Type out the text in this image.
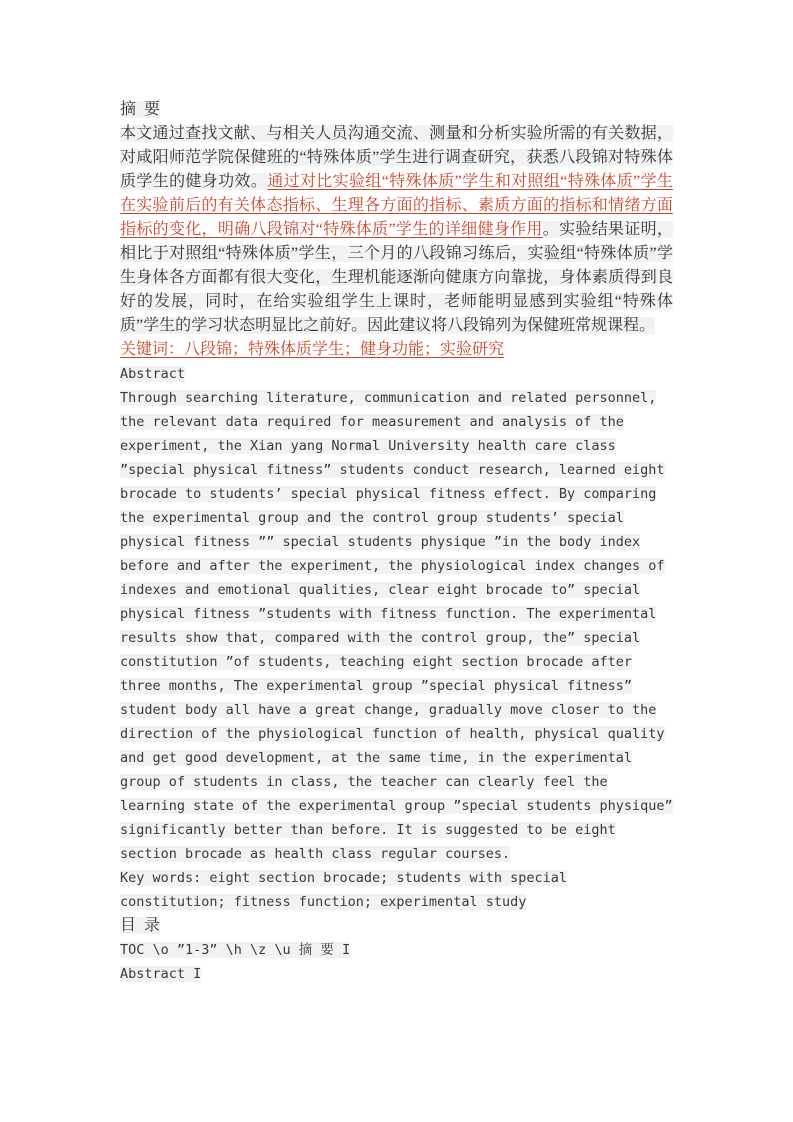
摘  要

本文通过查找文献、与相关人员沟通交流、测量和分析实验所需的有关数据，对咸阳师范学院保健班的“特殊体质”学生进行调查研究，获悉八段锦对特殊体质学生的健身功效。通过对比实验组“特殊体质”学生和对照组“特殊体质”学生在实验前后的有关体态指标、生理各方面的指标、素质方面的指标和情绪方面指标的变化，明确八段锦对“特殊体质”学生的详细健身作用。实验结果证明，相比于对照组“特殊体质”学生，三个月的八段锦习练后，实验组“特殊体质”学生身体各方面都有很大变化，生理机能逐渐向健康方向靠拢，身体素质得到良好的发展，同时，在给实验组学生上课时，老师能明显感到实验组“特殊体质”学生的学习状态明显比之前好。因此建议将八段锦列为保健班常规课程。

关键词：八段锦；特殊体质学生；健身功能；实验研究

Abstract

Through searching literature, communication and related personnel, the relevant data required for measurement and analysis of the experiment, the Xian yang Normal University health care class ”special physical fitness” students conduct research, learned eight brocade to students’ special physical fitness effect. By comparing the experimental group and the control group students’ special physical fitness ”” special students physique ”in the body index before and after the experiment, the physiological index changes of indexes and emotional qualities, clear eight brocade to” special physical fitness ”students with fitness function. The experimental results show that, compared with the control group, the” special constitution ”of students, teaching eight section brocade after three months, The experimental group ”special physical fitness” student body all have a great change, gradually move closer to the direction of the physiological function of health, physical quality and get good development, at the same time, in the experimental group of students in class, the teacher can clearly feel the learning state of the experimental group ”special students physique” significantly better than before. It is suggested to be eight section brocade as health class regular courses.

Key words: eight section brocade; students with special constitution; fitness function; experimental study

目  录

TOC \o ”1-3” \h \z \u 摘 要 I

Abstract I
